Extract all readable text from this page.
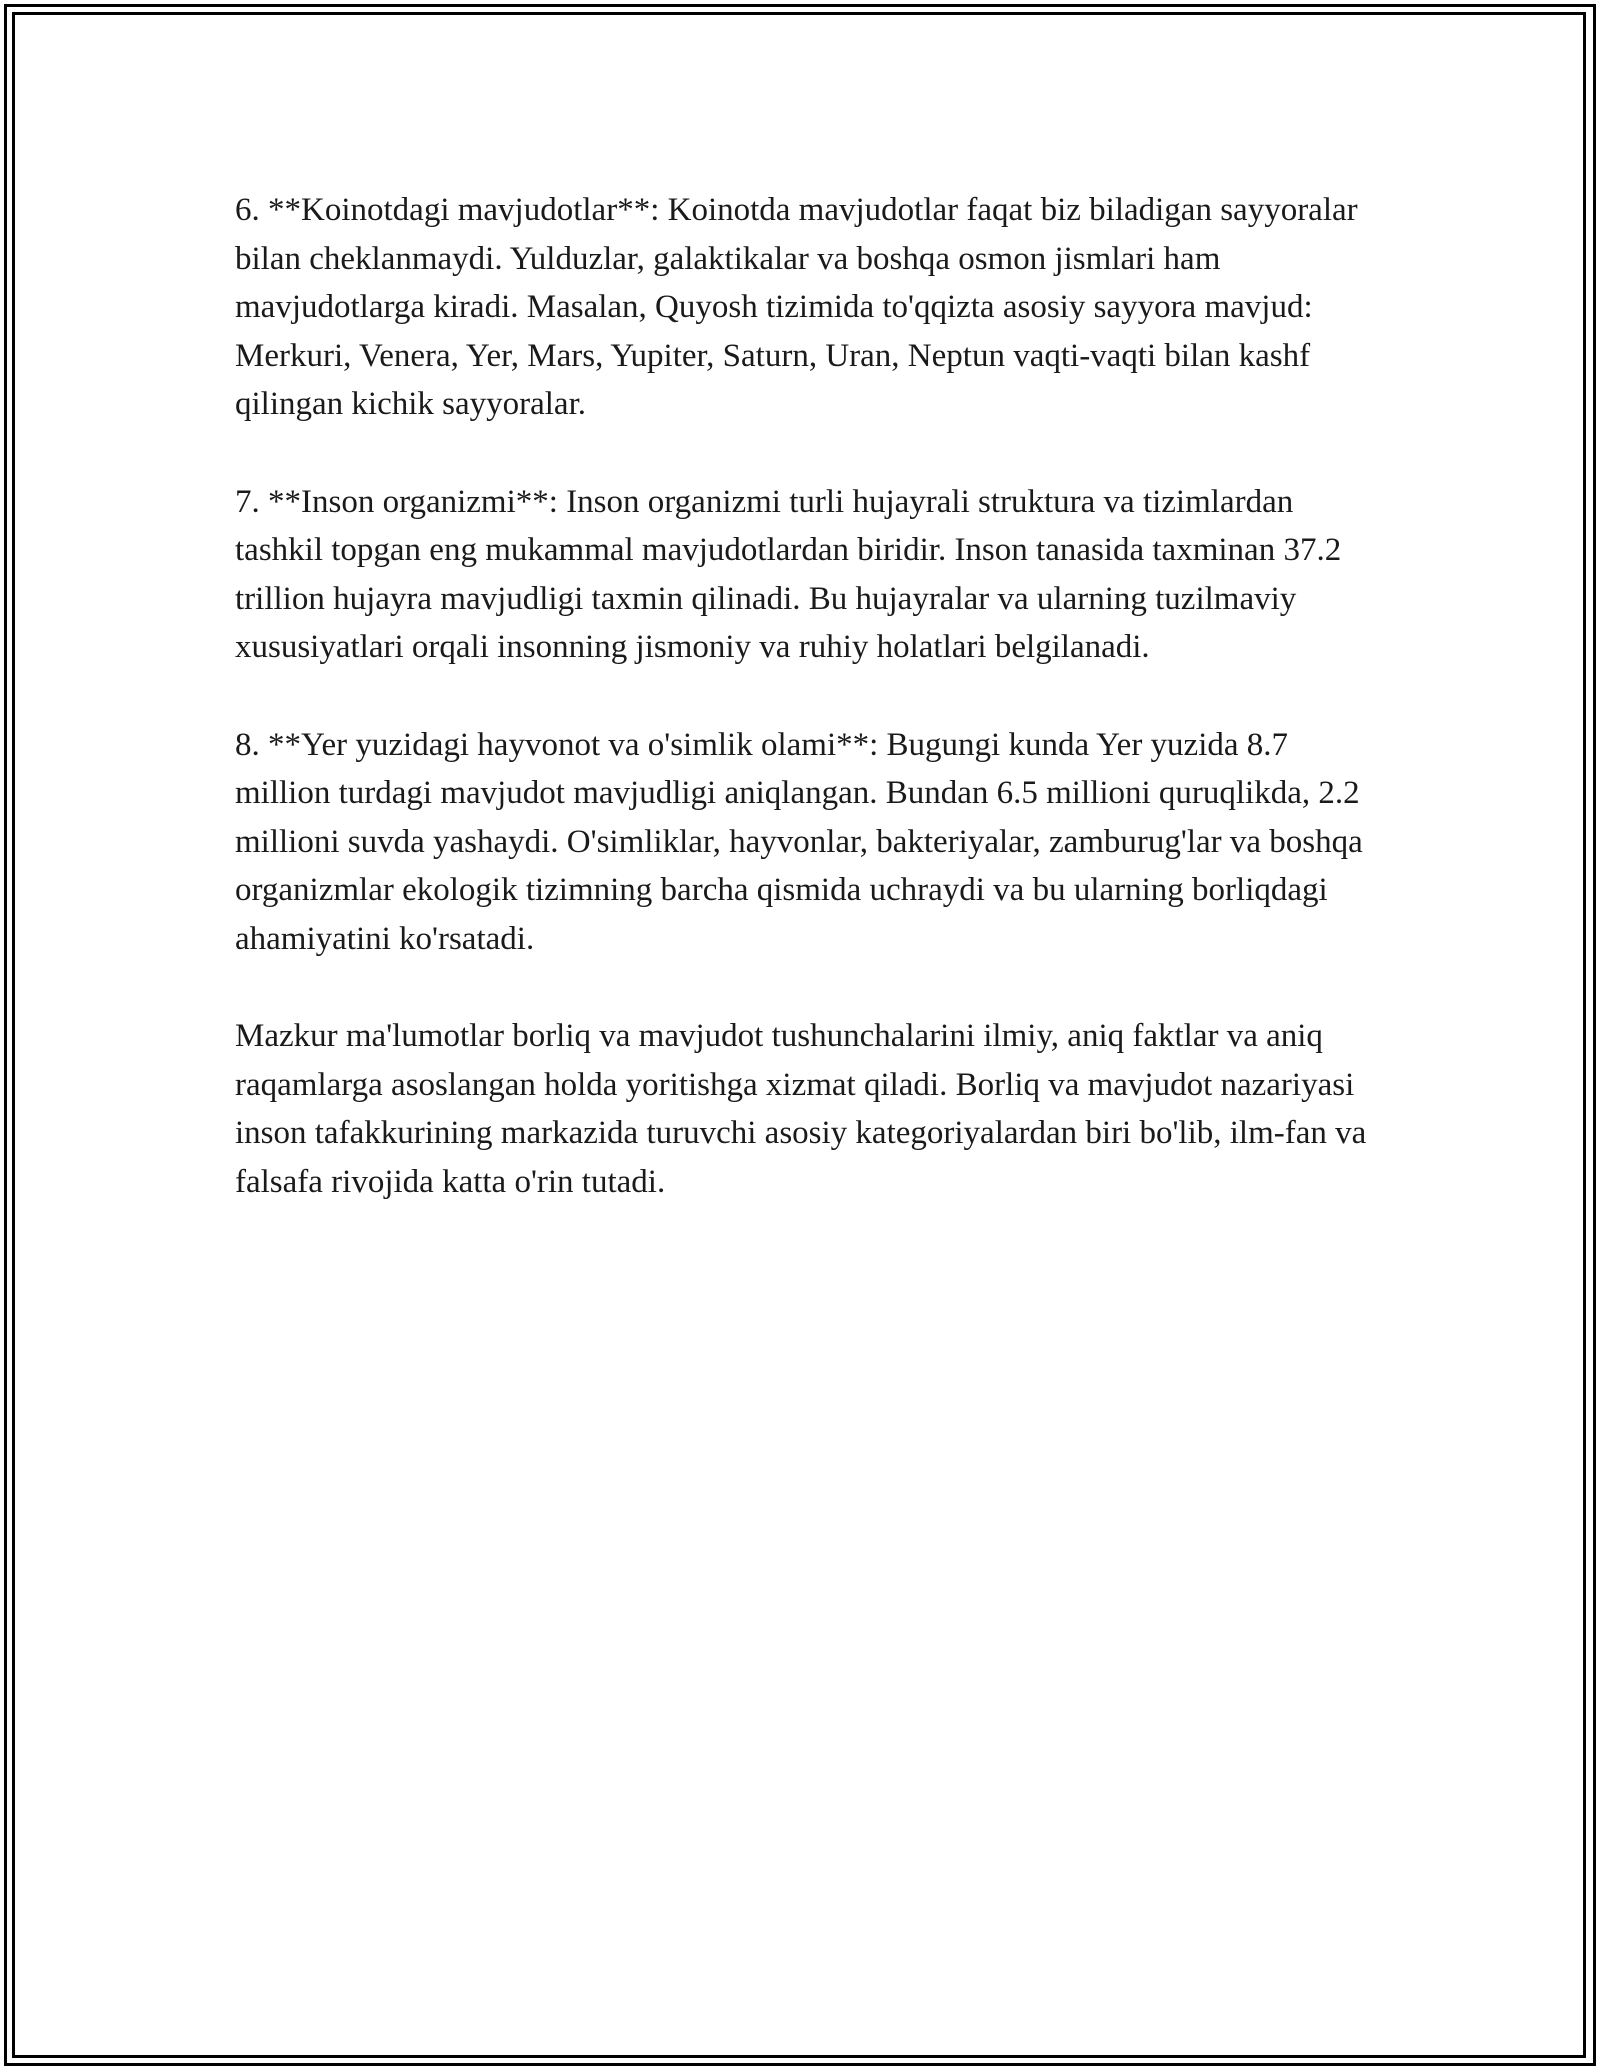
6. **Koinotdagi mavjudotlar**: Koinotda mavjudotlar faqat biz biladigan sayyoralar bilan cheklanmaydi. Yulduzlar, galaktikalar va boshqa osmon jismlari ham mavjudotlarga kiradi. Masalan, Quyosh tizimida to'qqizta asosiy sayyora mavjud: Merkuri, Venera, Yer, Mars, Yupiter, Saturn, Uran, Neptun vaqti-vaqti bilan kashf qilingan kichik sayyoralar.

7. **Inson organizmi**: Inson organizmi turli hujayrali struktura va tizimlardan tashkil topgan eng mukammal mavjudotlardan biridir. Inson tanasida taxminan 37.2 trillion hujayra mavjudligi taxmin qilinadi. Bu hujayralar va ularning tuzilmaviy xususiyatlari orqali insonning jismoniy va ruhiy holatlari belgilanadi.

8. **Yer yuzidagi hayvonot va o'simlik olami**: Bugungi kunda Yer yuzida 8.7 million turdagi mavjudot mavjudligi aniqlangan. Bundan 6.5 millioni quruqlikda, 2.2 millioni suvda yashaydi. O'simliklar, hayvonlar, bakteriyalar, zamburug'lar va boshqa organizmlar ekologik tizimning barcha qismida uchraydi va bu ularning borliqdagi ahamiyatini ko'rsatadi.

Mazkur ma'lumotlar borliq va mavjudot tushunchalarini ilmiy, aniq faktlar va aniq raqamlarga asoslangan holda yoritishga xizmat qiladi. Borliq va mavjudot nazariyasi inson tafakkurining markazida turuvchi asosiy kategoriyalardan biri bo'lib, ilm-fan va falsafa rivojida katta o'rin tutadi.
